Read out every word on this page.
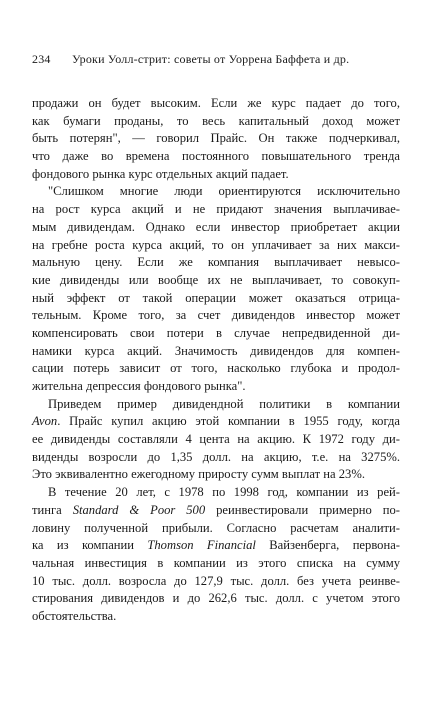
234 Уроки Уолл-стрит: советы от Уоррена Баффета и др.
продажи он будет высоким. Если же курс падает до того,
как бумаги проданы, то весь капитальный доход может
быть потерян", — говорил Прайс. Он также подчеркивал,
что даже во времена постоянного повышательного тренда
фондового рынка курс отдельных акций падает.
"Слишком многие люди ориентируются исключительно
на рост курса акций и не придают значения выплачивае-
мым дивидендам. Однако если инвестор приобретает акции
на гребне роста курса акций, то он уплачивает за них макси-
мальную цену. Если же компания выплачивает невысо-
кие дивиденды или вообще их не выплачивает, то совокуп-
ный эффект от такой операции может оказаться отрица-
тельным. Кроме того, за счет дивидендов инвестор может
компенсировать свои потери в случае непредвиденной ди-
намики курса акций. Значимость дивидендов для компен-
сации потерь зависит от того, насколько глубока и продол-
жительна депрессия фондового рынка".
Приведем пример дивидендной политики в компании
Avon. Прайс купил акцию этой компании в 1955 году, когда
ее дивиденды составляли 4 цента на акцию. К 1972 году ди-
виденды возросли до 1,35 долл. на акцию, т.е. на 3275%.
Это эквивалентно ежегодному приросту сумм выплат на 23%.
В течение 20 лет, с 1978 по 1998 год, компании из рей-
тинга Standard & Poor 500 реинвестировали примерно по-
ловину полученной прибыли. Согласно расчетам аналити-
ка из компании Thomson Financial Вайзенберга, первона-
чальная инвестиция в компании из этого списка на сумму
10 тыс. долл. возросла до 127,9 тыс. долл. без учета реинве-
стирования дивидендов и до 262,6 тыс. долл. с учетом этого
обстоятельства.
